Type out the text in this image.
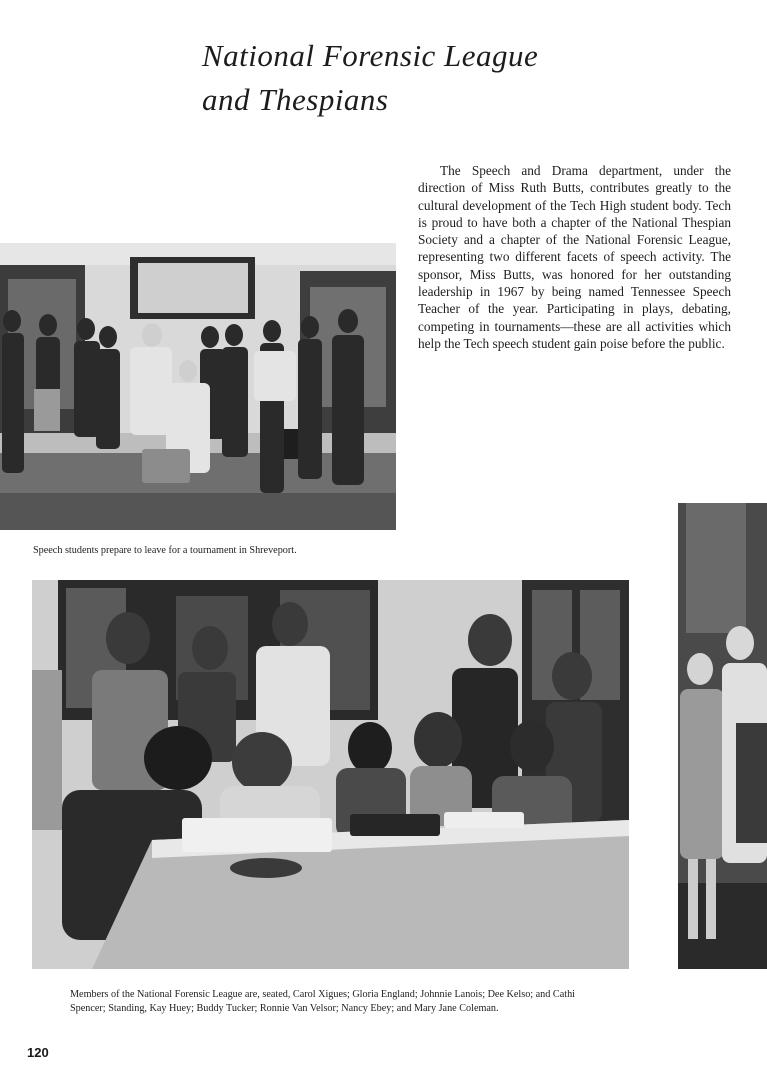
National Forensic League
and Thespians

The Speech and Drama department, under the direction of Miss Ruth Butts, contributes greatly to the cultural development of the Tech High student body. Tech is proud to have both a chapter of the National Thespian Society and a chapter of the National Forensic League, representing two different facets of speech activity. The sponsor, Miss Butts, was honored for her outstanding leadership in 1967 by being named Tennessee Speech Teacher of the year. Participating in plays, debating, competing in tournaments—these are all activities which help the Tech speech student gain poise before the public.

Speech students prepare to leave for a tournament in Shreveport.

Members of the National Forensic League are, seated, Carol Xigues; Gloria England; Johnnie Lanois; Dee Kelso; and Cathi Spencer; Standing, Kay Huey; Buddy Tucker; Ronnie Van Velsor; Nancy Ebey; and Mary Jane Coleman.

120
